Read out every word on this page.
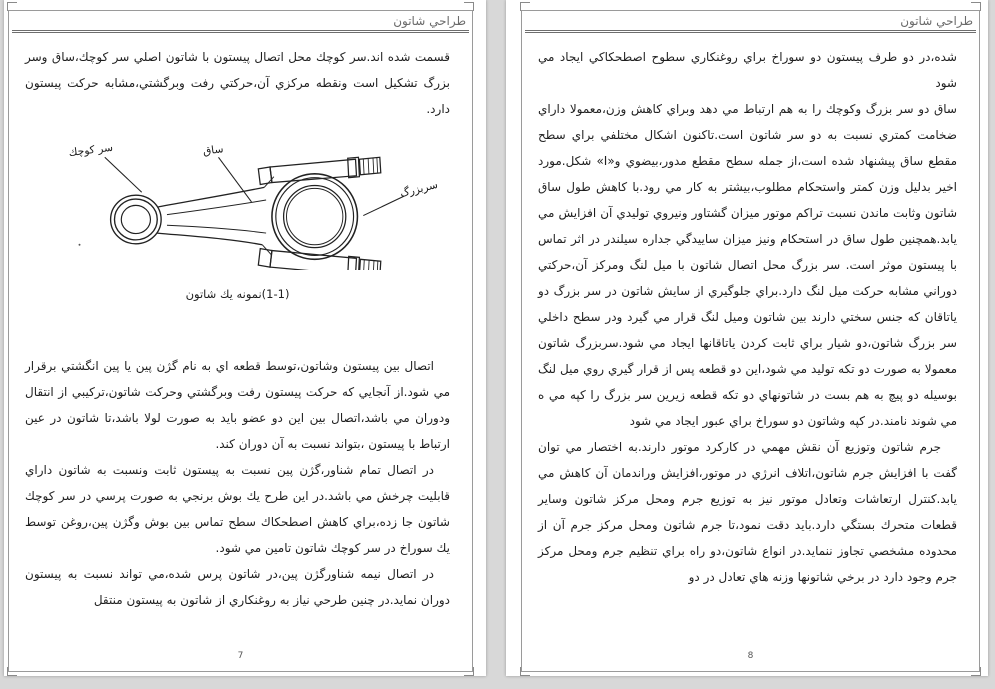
طراحي شاتون

قسمت شده اند.سر كوچك محل اتصال پيستون با شاتون اصلي سر كوچك،ساق وسر بزرگ تشكيل است ونقطه مركزي آن،حركتي رفت وبرگشتي،مشابه حركت پيستون دارد.

سر كوچك	ساق
سربزرگ
(1-1)نمونه يك شاتون

اتصال بين پيستون وشاتون،توسط قطعه اي به نام گژن پين يا پين انگشتي برقرار مي شود.از آنجايي كه حركت پيستون رفت وبرگشتي وحركت شاتون،تركيبي از انتقال ودوران مي باشد،اتصال بين اين دو عضو بايد به صورت لولا باشد،تا شاتون در عين ارتباط با پيستون ،بتواند نسبت به آن دوران كند.

در اتصال تمام شناور،گژن پين نسبت به پيستون ثابت ونسبت به شاتون داراي قابليت چرخش مي باشد.در اين طرح يك بوش برنجي به صورت پرسي در سر كوچك شاتون جا زده،براي كاهش اصطحكاك سطح تماس بين بوش وگژن پين،روغن توسط يك سوراخ در سر كوچك شاتون تامين مي شود.

در اتصال نيمه شناورگژن پين،در شاتون پرس شده،مي تواند نسبت به پيستون دوران نمايد.در چنين طرحي نياز به روغنكاري از شاتون به پيستون منتقل

7
طراحي شاتون

شده،در دو طرف پيستون دو سوراخ براي روغنكاري سطوح اصطحكاكي ايجاد مي شود

ساق دو سر بزرگ وكوچك را به هم ارتباط مي دهد وبراي كاهش وزن،معمولا داراي ضخامت كمتري نسبت به دو سر شاتون است.تاكنون اشكال مختلفي براي سطح مقطع ساق پيشنهاد شده است،از جمله سطح مقطع مدور،بيضوي و«I» شكل.مورد اخير بدليل وزن كمتر واستحكام مطلوب،بيشتر به كار مي رود.با كاهش طول ساق شاتون وثابت ماندن نسبت تراكم موتور ميزان گشتاور ونيروي توليدي آن افزايش مي يابد.همچنين طول ساق در استحكام ونيز ميزان ساييدگي جداره سيلندر در اثر تماس با پيستون موثر است. سر بزرگ محل اتصال شاتون با ميل لنگ ومركز آن،حركتي دوراني مشابه حركت ميل لنگ دارد.براي جلوگيري از سايش شاتون در سر بزرگ دو ياتاقان كه جنس سختي دارند بين شاتون وميل لنگ قرار مي گيرد ودر سطح داخلي سر بزرگ شاتون،دو شيار براي ثابت كردن ياتاقانها ايجاد مي شود.سربزرگ شاتون معمولا به صورت دو تكه توليد مي شود،اين دو قطعه پس از قرار گيري روي ميل لنگ بوسيله دو پيچ به هم بست در شاتونهاي دو تكه قطعه زيرين سر بزرگ را كپه مي ه مي شوند نامند.در كپه وشاتون دو سوراخ براي عبور ايجاد مي شود

جرم شاتون وتوزيع آن نقش مهمي در كاركرد موتور دارند.به اختصار مي توان گفت با افزايش جرم شاتون،اتلاف انرژي در موتور،افزايش وراندمان آن كاهش مي يابد.كنترل ارتعاشات وتعادل موتور نيز به توزيع جرم ومحل مركز شاتون وساير قطعات متحرك بستگي دارد.بايد دقت نمود،تا جرم شاتون ومحل مركز جرم آن از محدوده مشخصي تجاوز ننمايد.در انواع شاتون،دو راه براي تنظيم جرم ومحل مركز جرم وجود دارد در برخي شاتونها وزنه هاي تعادل در دو

8
